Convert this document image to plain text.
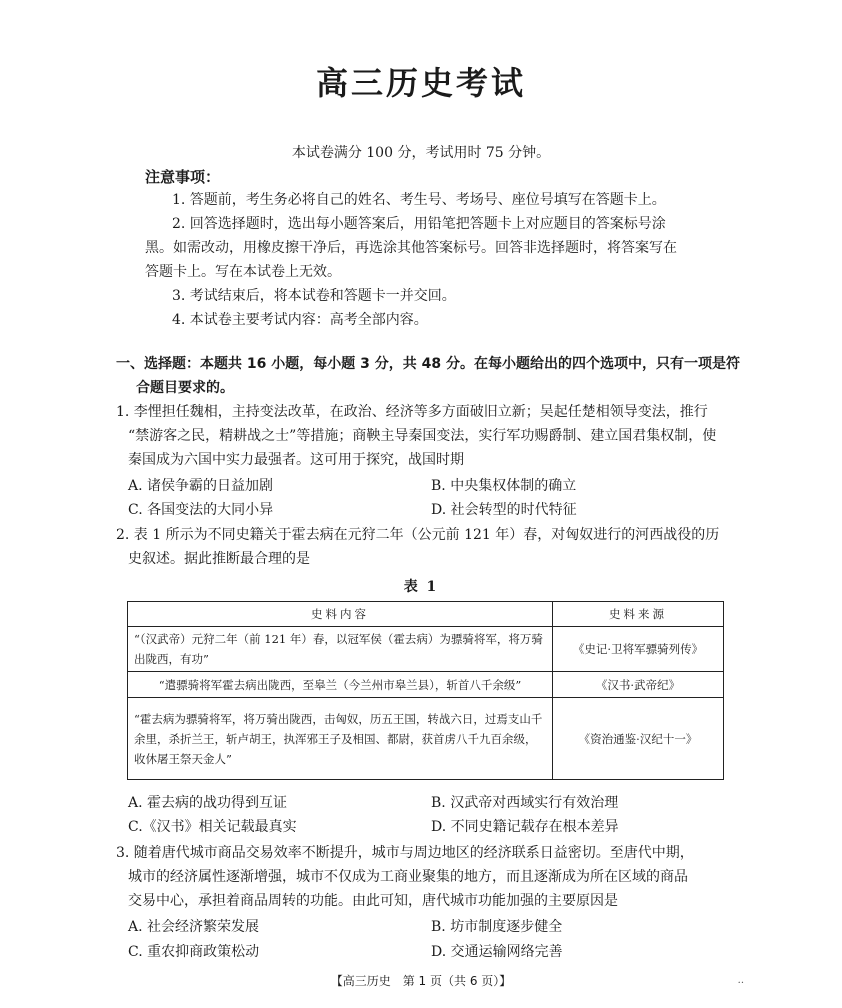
高三历史考试
本试卷满分 100 分，考试用时 75 分钟。
注意事项：
1. 答题前，考生务必将自己的姓名、考生号、考场号、座位号填写在答题卡上。
2. 回答选择题时，选出每小题答案后，用铅笔把答题卡上对应题目的答案标号涂
黑。如需改动，用橡皮擦干净后，再选涂其他答案标号。回答非选择题时，将答案写在
答题卡上。写在本试卷上无效。
3. 考试结束后，将本试卷和答题卡一并交回。
4. 本试卷主要考试内容：高考全部内容。
一、选择题：本题共 16 小题，每小题 3 分，共 48 分。在每小题给出的四个选项中，只有一项是符
合题目要求的。
1. 李悝担任魏相，主持变法改革，在政治、经济等多方面破旧立新；吴起任楚相领导变法，推行
“禁游客之民，精耕战之士”等措施；商鞅主导秦国变法，实行军功赐爵制、建立国君集权制，使
秦国成为六国中实力最强者。这可用于探究，战国时期
A. 诸侯争霸的日益加剧	B. 中央集权体制的确立
C. 各国变法的大同小异	D. 社会转型的时代特征
2. 表 1 所示为不同史籍关于霍去病在元狩二年（公元前 121 年）春，对匈奴进行的河西战役的历
史叙述。据此推断最合理的是
表 1
史料内容	史料来源
“（汉武帝）元狩二年（前 121 年）春，以冠军侯（霍去病）为骠骑将军，将万骑出陇西，有功”	《史记·卫将军骠骑列传》
“遣骠骑将军霍去病出陇西，至皋兰（今兰州市皋兰县），斩首八千余级”	《汉书·武帝纪》
“霍去病为骠骑将军，将万骑出陇西，击匈奴，历五王国，转战六日，过焉支山千余里，杀折兰王，斩卢胡王，执浑邪王子及相国、都尉，获首虏八千九百余级，收休屠王祭天金人”	《资治通鉴·汉纪十一》
A. 霍去病的战功得到互证	B. 汉武帝对西域实行有效治理
C.《汉书》相关记载最真实	D. 不同史籍记载存在根本差异
3. 随着唐代城市商品交易效率不断提升，城市与周边地区的经济联系日益密切。至唐代中期，
城市的经济属性逐渐增强，城市不仅成为工商业聚集的地方，而且逐渐成为所在区域的商品
交易中心，承担着商品周转的功能。由此可知，唐代城市功能加强的主要原因是
A. 社会经济繁荣发展	B. 坊市制度逐步健全
C. 重农抑商政策松动	D. 交通运输网络完善
【高三历史　第 1 页（共 6 页）】	··
